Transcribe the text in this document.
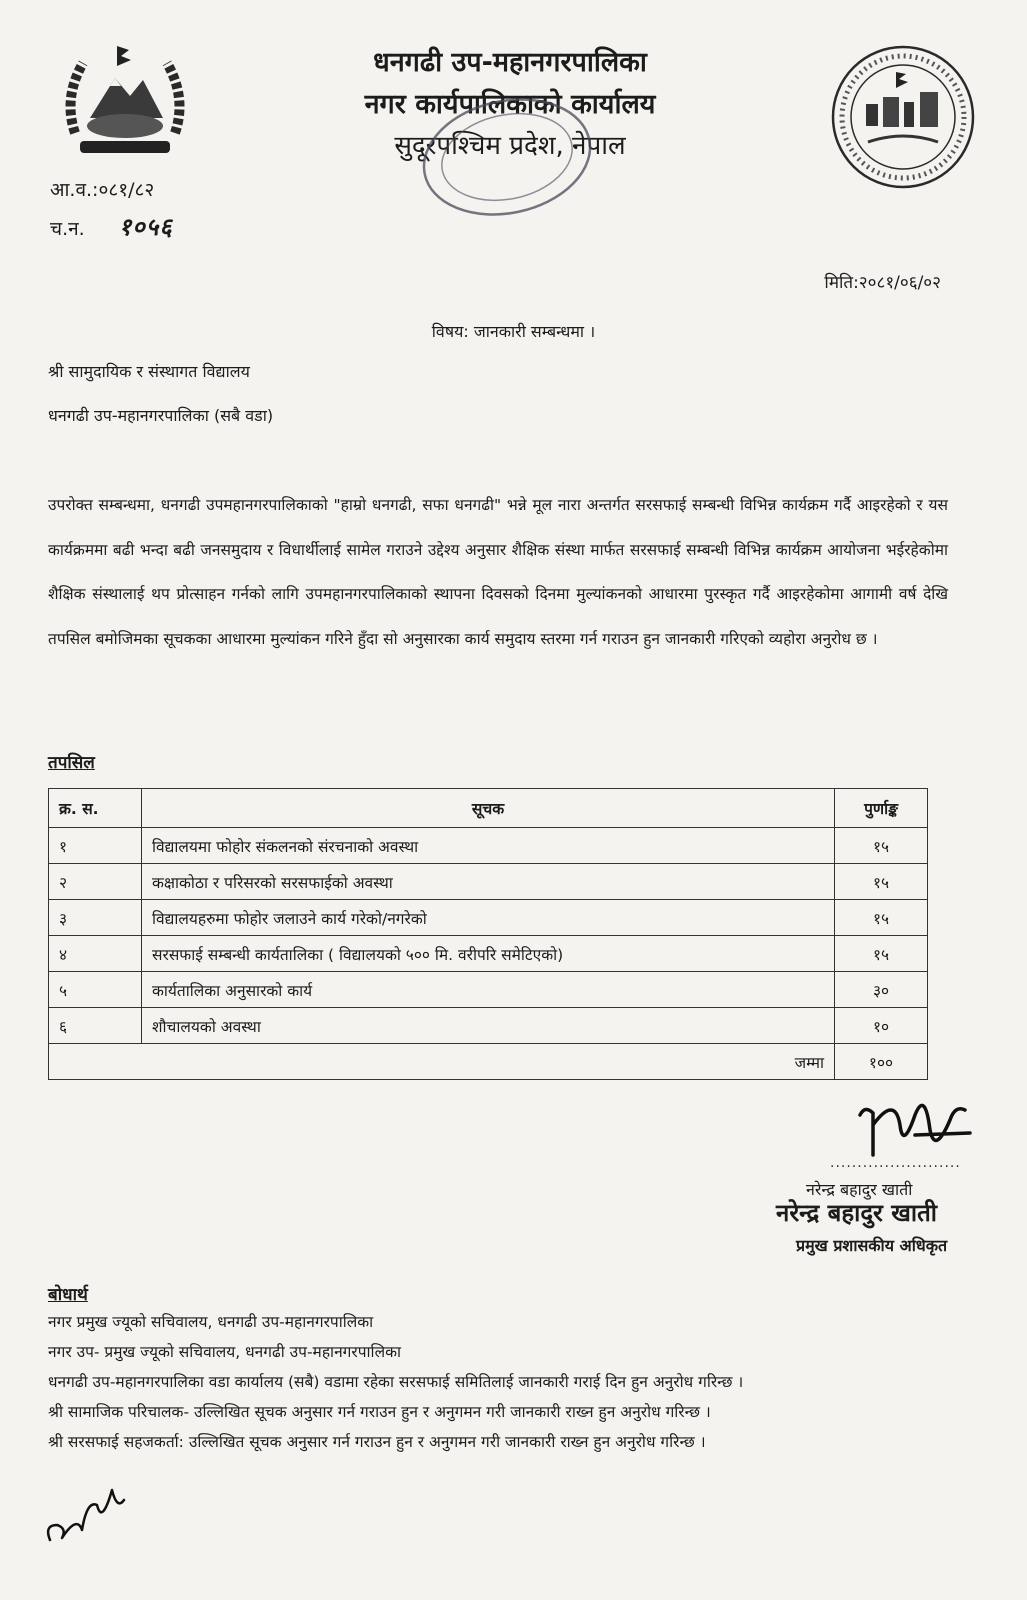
धनगढी उप-महानगरपालिका
नगर कार्यपालिकाको कार्यालय
सुदूरपश्चिम प्रदेश, नेपाल
आ.व.:०८१/८२
च.न. १०५६
मिति:२०८१/०६/०२
विषय: जानकारी सम्बन्धमा ।
श्री सामुदायिक र संस्थागत विद्यालय
धनगढी उप-महानगरपालिका (सबै वडा)
उपरोक्त सम्बन्धमा, धनगढी उपमहानगरपालिकाको "हाम्रो धनगढी, सफा धनगढी" भन्ने मूल नारा अन्तर्गत सरसफाई सम्बन्धी विभिन्न कार्यक्रम गर्दै आइरहेको र यस कार्यक्रममा बढी भन्दा बढी जनसमुदाय र विधार्थीलाई सामेल गराउने उद्देश्य अनुसार शैक्षिक संस्था मार्फत सरसफाई सम्बन्धी विभिन्न कार्यक्रम आयोजना भईरहेकोमा शैक्षिक संस्थालाई थप प्रोत्साहन गर्नको लागि उपमहानगरपालिकाको स्थापना दिवसको दिनमा मुल्यांकनको आधारमा पुरस्कृत गर्दै आइरहेकोमा आगामी वर्ष देखि तपसिल बमोजिमका सूचकका आधारमा मुल्यांकन गरिने हुँदा सो अनुसारका कार्य समुदाय स्तरमा गर्न गराउन हुन जानकारी गरिएको व्यहोरा अनुरोध छ ।
तपसिल
क्र. स.	सूचक	पुर्णाङ्क
१	विद्यालयमा फोहोर संकलनको संरचनाको अवस्था	१५
२	कक्षाकोठा र परिसरको सरसफाईको अवस्था	१५
३	विद्यालयहरुमा फोहोर जलाउने कार्य गरेको/नगरेको	१५
४	सरसफाई सम्बन्धी कार्यतालिका ( विद्यालयको ५०० मि. वरीपरि समेटिएको)	१५
५	कार्यतालिका अनुसारको कार्य	३०
६	शौचालयको अवस्था	१०
जम्मा		१००
........................
नरेन्द्र बहादुर खाती
नरेन्द्र बहादुर खाती
प्रमुख प्रशासकीय अधिकृत
बोधार्थ
नगर प्रमुख ज्यूको सचिवालय, धनगढी उप-महानगरपालिका
नगर उप- प्रमुख ज्यूको सचिवालय, धनगढी उप-महानगरपालिका
धनगढी उप-महानगरपालिका वडा कार्यालय (सबै) वडामा रहेका सरसफाई समितिलाई जानकारी गराई दिन हुन अनुरोध गरिन्छ ।
श्री सामाजिक परिचालक- उल्लिखित सूचक अनुसार गर्न गराउन हुन र अनुगमन गरी जानकारी राख्न हुन अनुरोध गरिन्छ ।
श्री सरसफाई सहजकर्ता: उल्लिखित सूचक अनुसार गर्न गराउन हुन र अनुगमन गरी जानकारी राख्न हुन अनुरोध गरिन्छ ।
